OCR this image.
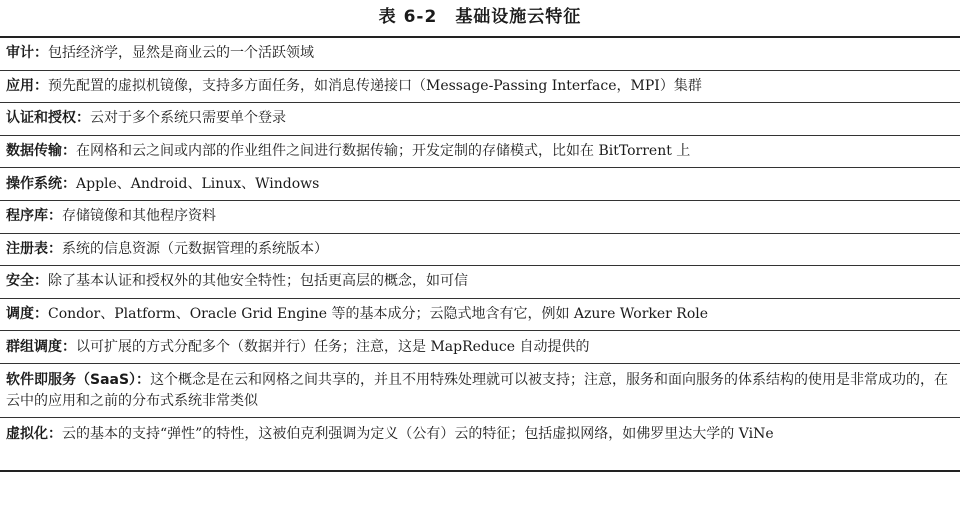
表 6-2 基础设施云特征
审计：包括经济学，显然是商业云的一个活跃领域
应用：预先配置的虚拟机镜像，支持多方面任务，如消息传递接口（Message-Passing Interface，MPI）集群
认证和授权：云对于多个系统只需要单个登录
数据传输：在网格和云之间或内部的作业组件之间进行数据传输；开发定制的存储模式，比如在 BitTorrent 上
操作系统：Apple、Android、Linux、Windows
程序库：存储镜像和其他程序资料
注册表：系统的信息资源（元数据管理的系统版本）
安全：除了基本认证和授权外的其他安全特性；包括更高层的概念，如可信
调度：Condor、Platform、Oracle Grid Engine 等的基本成分；云隐式地含有它，例如 Azure Worker Role
群组调度：以可扩展的方式分配多个（数据并行）任务；注意，这是 MapReduce 自动提供的
软件即服务（SaaS）：这个概念是在云和网格之间共享的，并且不用特殊处理就可以被支持；注意，服务和面向服务的体系结构的使用是非常成功的，在云中的应用和之前的分布式系统非常类似
虚拟化：云的基本的支持“弹性”的特性，这被伯克利强调为定义（公有）云的特征；包括虚拟网络，如佛罗里达大学的 ViNe
